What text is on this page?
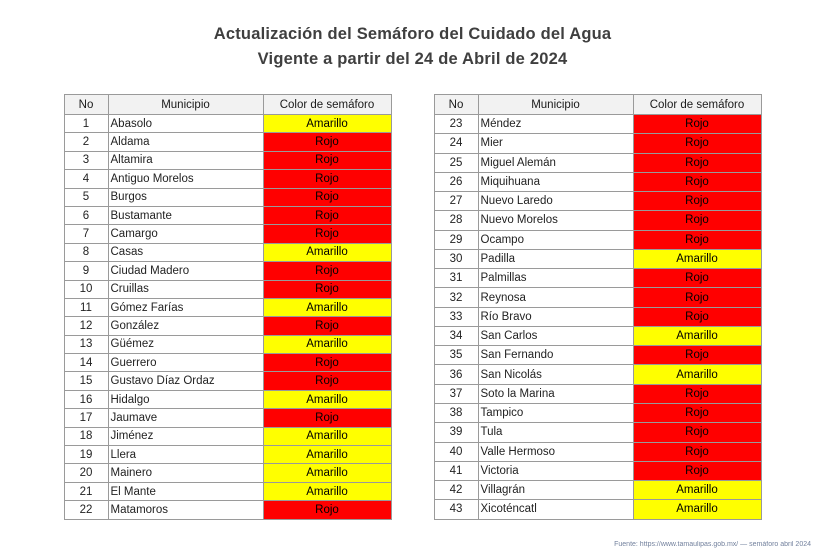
Actualización del Semáforo del Cuidado del Agua
Vigente a partir del 24 de Abril de 2024
No	Municipio	Color de semáforo
1	Abasolo	Amarillo
2	Aldama	Rojo
3	Altamira	Rojo
4	Antiguo Morelos	Rojo
5	Burgos	Rojo
6	Bustamante	Rojo
7	Camargo	Rojo
8	Casas	Amarillo
9	Ciudad Madero	Rojo
10	Cruillas	Rojo
11	Gómez Farías	Amarillo
12	González	Rojo
13	Güémez	Amarillo
14	Guerrero	Rojo
15	Gustavo Díaz Ordaz	Rojo
16	Hidalgo	Amarillo
17	Jaumave	Rojo
18	Jiménez	Amarillo
19	Llera	Amarillo
20	Mainero	Amarillo
21	El Mante	Amarillo
22	Matamoros	Rojo
No	Municipio	Color de semáforo
23	Méndez	Rojo
24	Mier	Rojo
25	Miguel Alemán	Rojo
26	Miquihuana	Rojo
27	Nuevo Laredo	Rojo
28	Nuevo Morelos	Rojo
29	Ocampo	Rojo
30	Padilla	Amarillo
31	Palmillas	Rojo
32	Reynosa	Rojo
33	Río Bravo	Rojo
34	San Carlos	Amarillo
35	San Fernando	Rojo
36	San Nicolás	Amarillo
37	Soto la Marina	Rojo
38	Tampico	Rojo
39	Tula	Rojo
40	Valle Hermoso	Rojo
41	Victoria	Rojo
42	Villagrán	Amarillo
43	Xicoténcatl	Amarillo
Fuente: https://www.tamaulipas.gob.mx/ — semáforo abril 2024
